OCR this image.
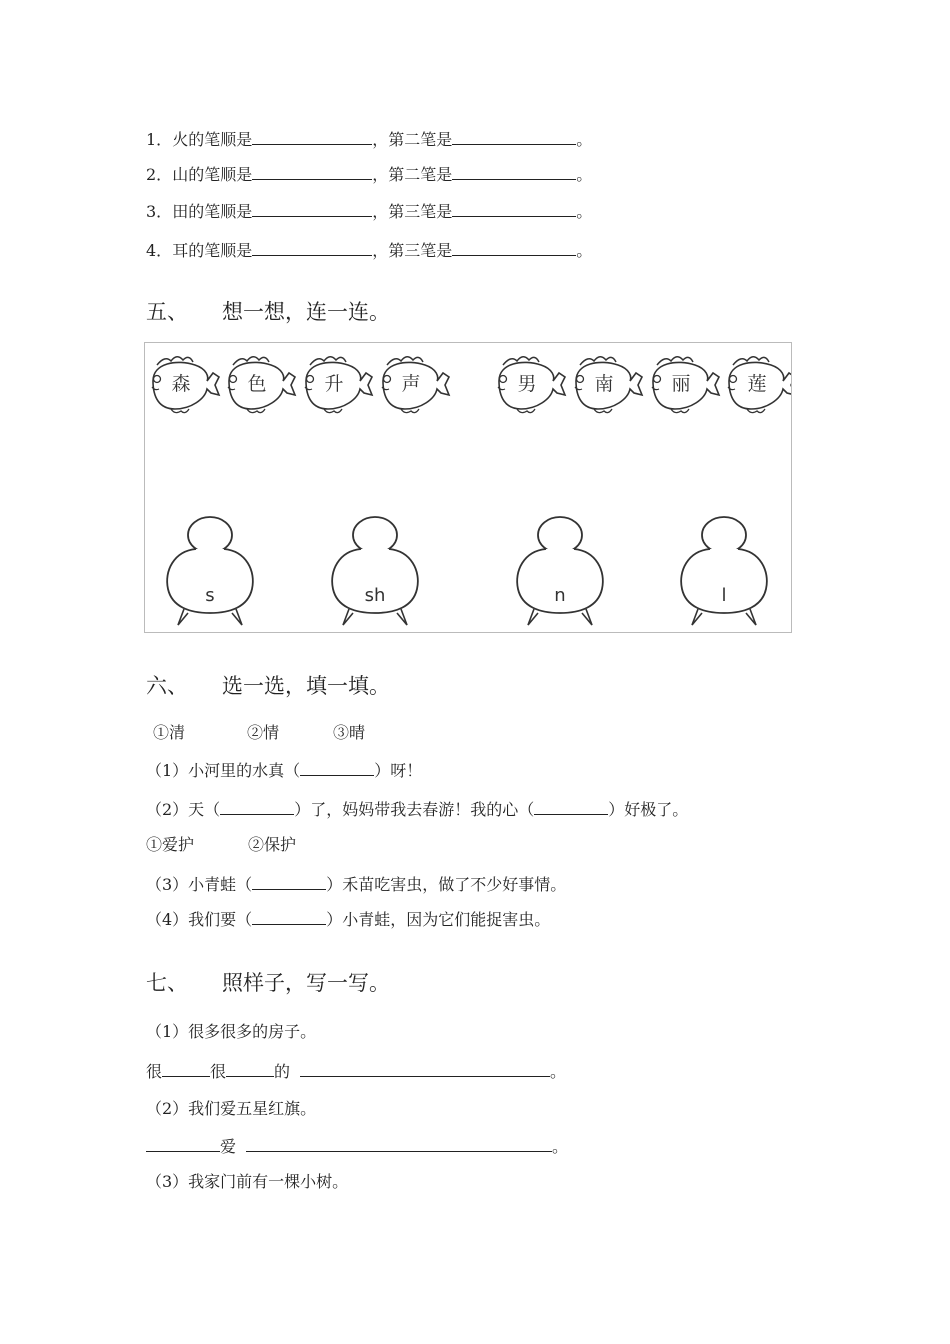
1．火的笔顺是	，第二笔是	。
2．山的笔顺是	，第二笔是	。
3．田的笔顺是	，第三笔是	。
4．耳的笔顺是	，第三笔是	。
五、 想一想，连一连。
森	色	升	声	男	南	丽	莲
s	sh	n	l
六、 选一选，填一填。
①清	②情	③晴
（1）小河里的水真（	）呀！
（2）天（	）了，妈妈带我去春游！我的心（	）好极了。
①爱护	②保护
（3）小青蛙（	）禾苗吃害虫，做了不少好事情。
（4）我们要（	）小青蛙，因为它们能捉害虫。
七、 照样子，写一写。
（1）很多很多的房子。
很	很	的	。
（2）我们爱五星红旗。
爱	。
（3）我家门前有一棵小树。
